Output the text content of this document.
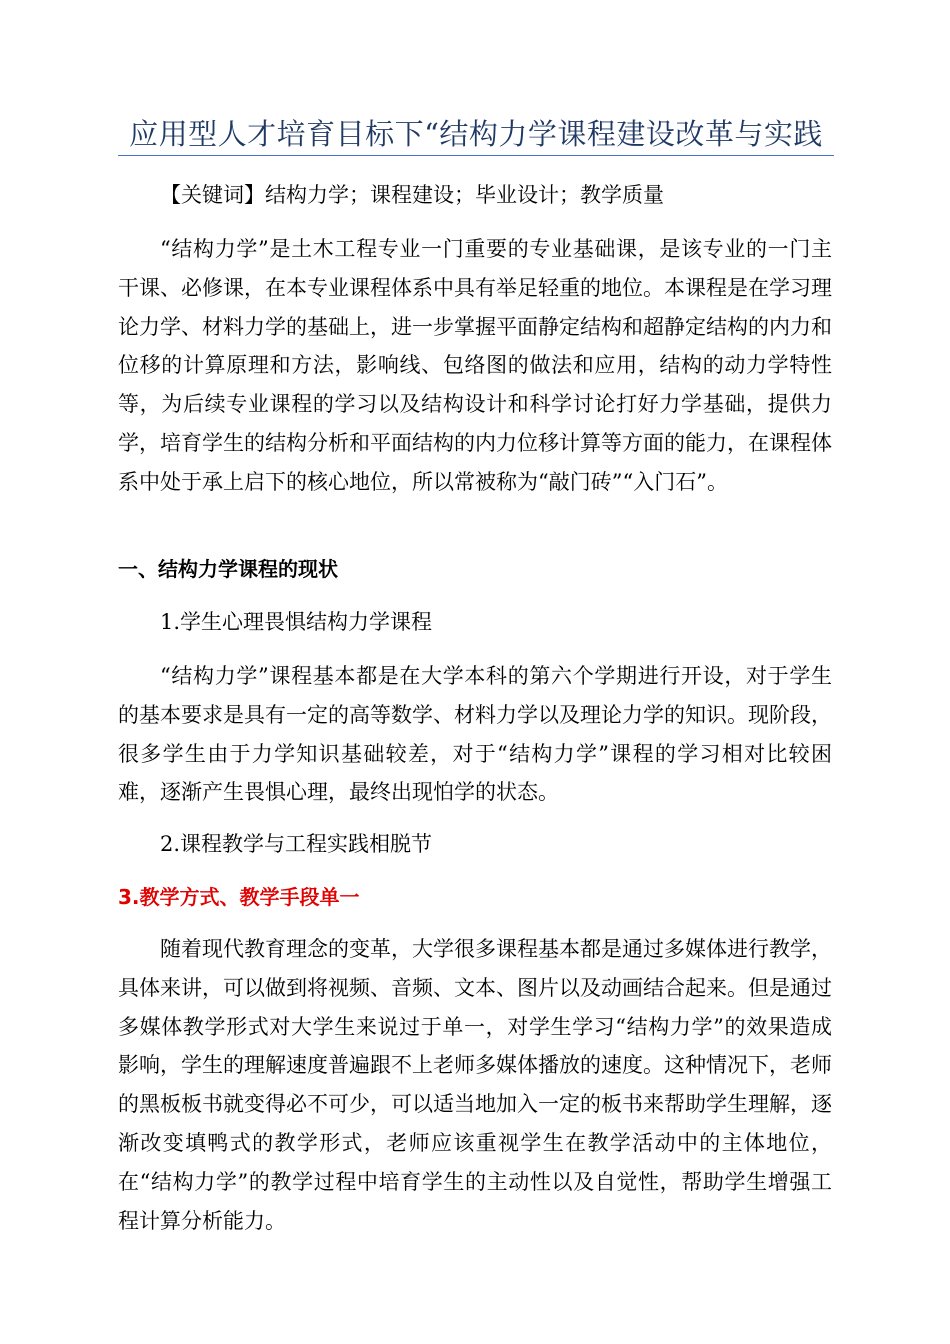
应用型人才培育目标下“结构力学课程建设改革与实践
【关键词】结构力学；课程建设；毕业设计；教学质量

“结构力学”是土木工程专业一门重要的专业基础课，是该专业的一门主干课、必修课，在本专业课程体系中具有举足轻重的地位。本课程是在学习理论力学、材料力学的基础上，进一步掌握平面静定结构和超静定结构的内力和位移的计算原理和方法，影响线、包络图的做法和应用，结构的动力学特性等，为后续专业课程的学习以及结构设计和科学讨论打好力学基础，提供力学，培育学生的结构分析和平面结构的内力位移计算等方面的能力，在课程体系中处于承上启下的核心地位，所以常被称为“敲门砖”“入门石”。

一、结构力学课程的现状
1.学生心理畏惧结构力学课程

“结构力学”课程基本都是在大学本科的第六个学期进行开设，对于学生的基本要求是具有一定的高等数学、材料力学以及理论力学的知识。现阶段，很多学生由于力学知识基础较差，对于“结构力学”课程的学习相对比较困难，逐渐产生畏惧心理，最终出现怕学的状态。

2.课程教学与工程实践相脱节
3.教学方式、教学手段单一

随着现代教育理念的变革，大学很多课程基本都是通过多媒体进行教学，具体来讲，可以做到将视频、音频、文本、图片以及动画结合起来。但是通过多媒体教学形式对大学生来说过于单一，对学生学习“结构力学”的效果造成影响，学生的理解速度普遍跟不上老师多媒体播放的速度。这种情况下，老师的黑板板书就变得必不可少，可以适当地加入一定的板书来帮助学生理解，逐渐改变填鸭式的教学形式，老师应该重视学生在教学活动中的主体地位，在“结构力学”的教学过程中培育学生的主动性以及自觉性，帮助学生增强工程计算分析能力。
